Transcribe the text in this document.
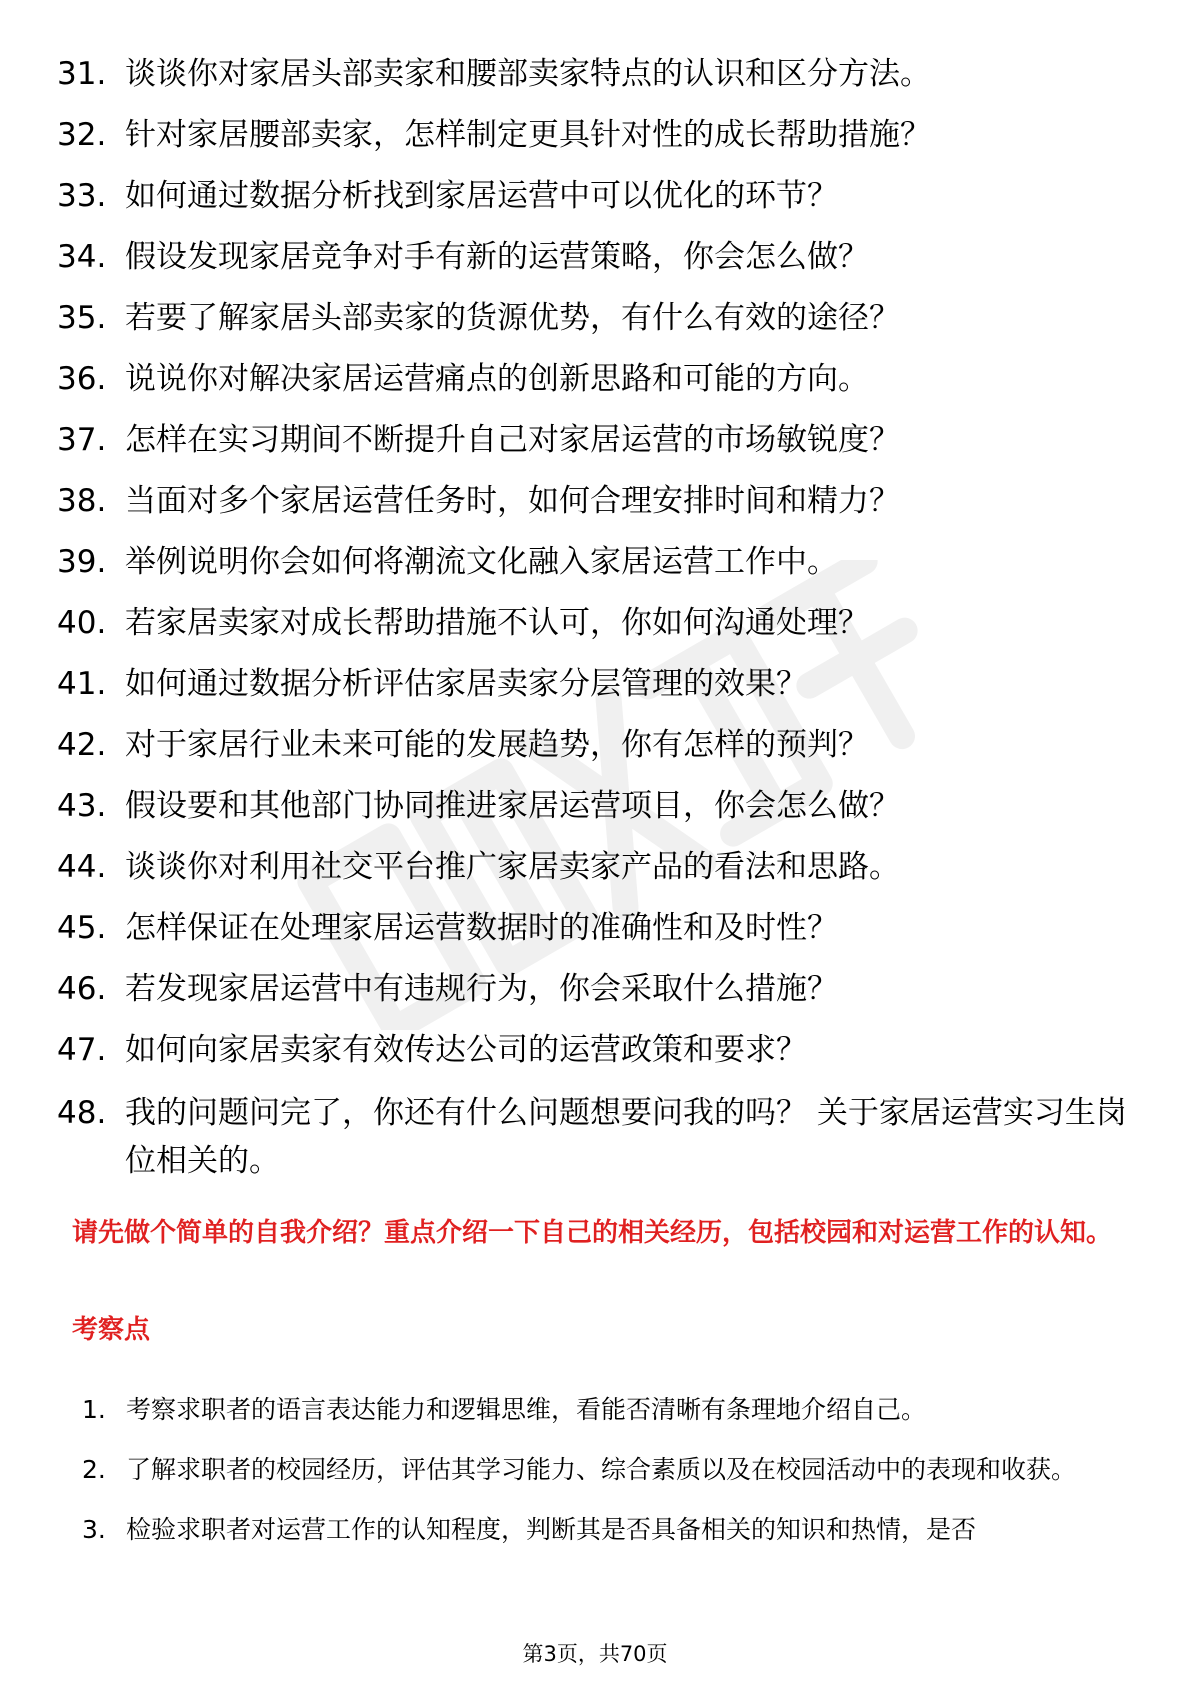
31. 谈谈你对家居头部卖家和腰部卖家特点的认识和区分方法。
32. 针对家居腰部卖家，怎样制定更具针对性的成长帮助措施？
33. 如何通过数据分析找到家居运营中可以优化的环节？
34. 假设发现家居竞争对手有新的运营策略，你会怎么做？
35. 若要了解家居头部卖家的货源优势，有什么有效的途径？
36. 说说你对解决家居运营痛点的创新思路和可能的方向。
37. 怎样在实习期间不断提升自己对家居运营的市场敏锐度？
38. 当面对多个家居运营任务时，如何合理安排时间和精力？
39. 举例说明你会如何将潮流文化融入家居运营工作中。
40. 若家居卖家对成长帮助措施不认可，你如何沟通处理？
41. 如何通过数据分析评估家居卖家分层管理的效果？
42. 对于家居行业未来可能的发展趋势，你有怎样的预判？
43. 假设要和其他部门协同推进家居运营项目，你会怎么做？
44. 谈谈你对利用社交平台推广家居卖家产品的看法和思路。
45. 怎样保证在处理家居运营数据时的准确性和及时性？
46. 若发现家居运营中有违规行为，你会采取什么措施？
47. 如何向家居卖家有效传达公司的运营政策和要求？
48. 我的问题问完了，你还有什么问题想要问我的吗？ 关于家居运营实习生岗位相关的。
请先做个简单的自我介绍？重点介绍一下自己的相关经历，包括校园和对运营工作的认知。
考察点
1. 考察求职者的语言表达能力和逻辑思维，看能否清晰有条理地介绍自己。
2. 了解求职者的校园经历，评估其学习能力、综合素质以及在校园活动中的表现和收获。
3. 检验求职者对运营工作的认知程度，判断其是否具备相关的知识和热情，是否
第3页，共70页
